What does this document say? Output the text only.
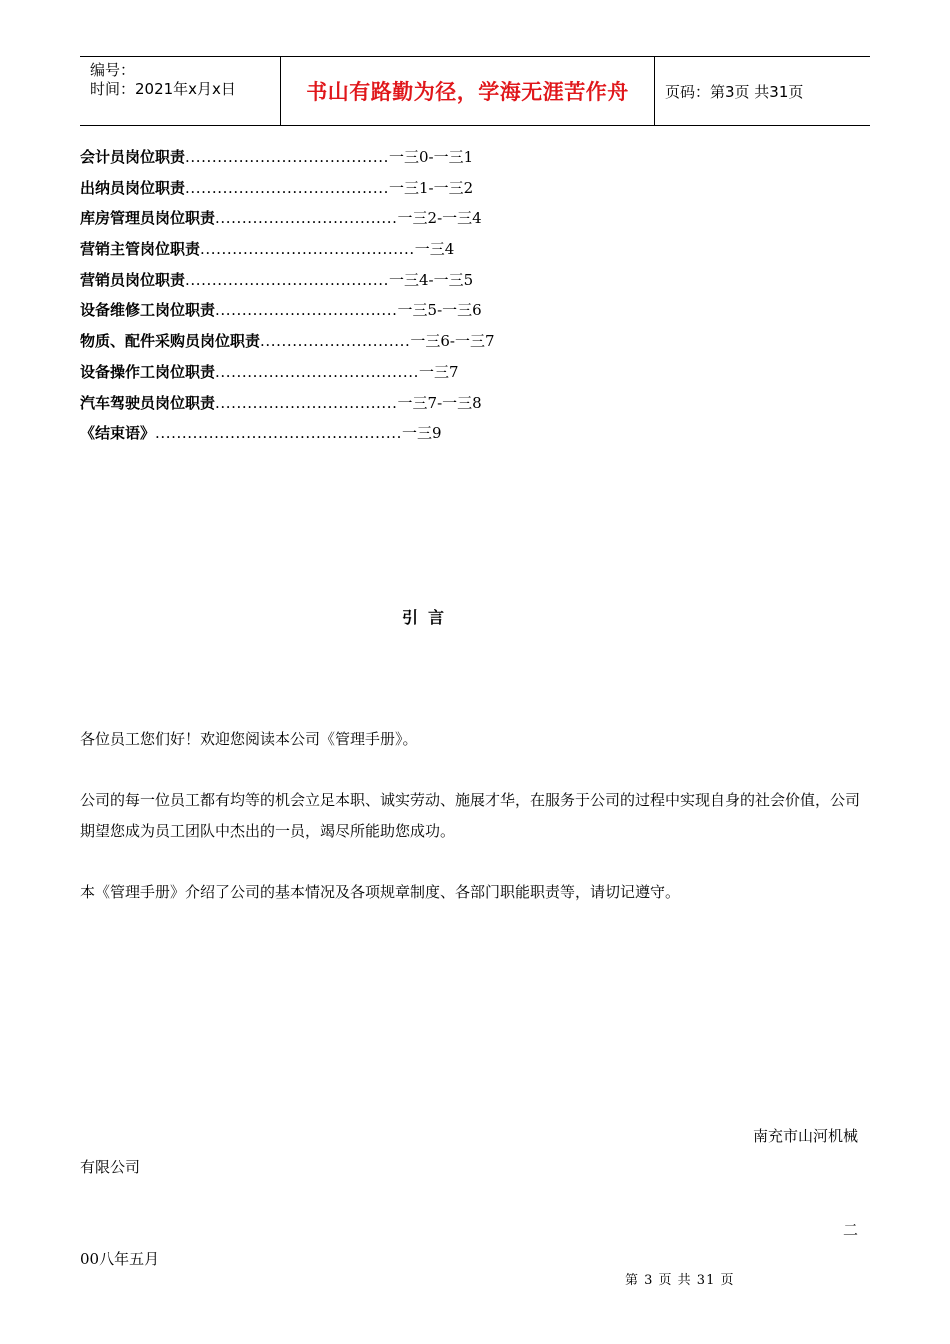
编号：
时间：2021年x月x日	书山有路勤为径，学海无涯苦作舟	页码：第3页 共31页
会计员岗位职责......................................一三0-一三1
出纳员岗位职责......................................一三1-一三2
库房管理员岗位职责..................................一三2-一三4
营销主管岗位职责........................................一三4
营销员岗位职责......................................一三4-一三5
设备维修工岗位职责..................................一三5-一三6
物质、配件采购员岗位职责............................一三6-一三7
设备操作工岗位职责......................................一三7
汽车驾驶员岗位职责..................................一三7-一三8
《结束语》..............................................一三9
引言
各位员工您们好！欢迎您阅读本公司《管理手册》。
公司的每一位员工都有均等的机会立足本职、诚实劳动、施展才华，在服务于公司的过程中实现自身的社会价值，公司期望您成为员工团队中杰出的一员，竭尽所能助您成功。
本《管理手册》介绍了公司的基本情况及各项规章制度、各部门职能职责等，请切记遵守。
南充市山河机械
有限公司
二
00八年五月
第 3 页 共 31 页
